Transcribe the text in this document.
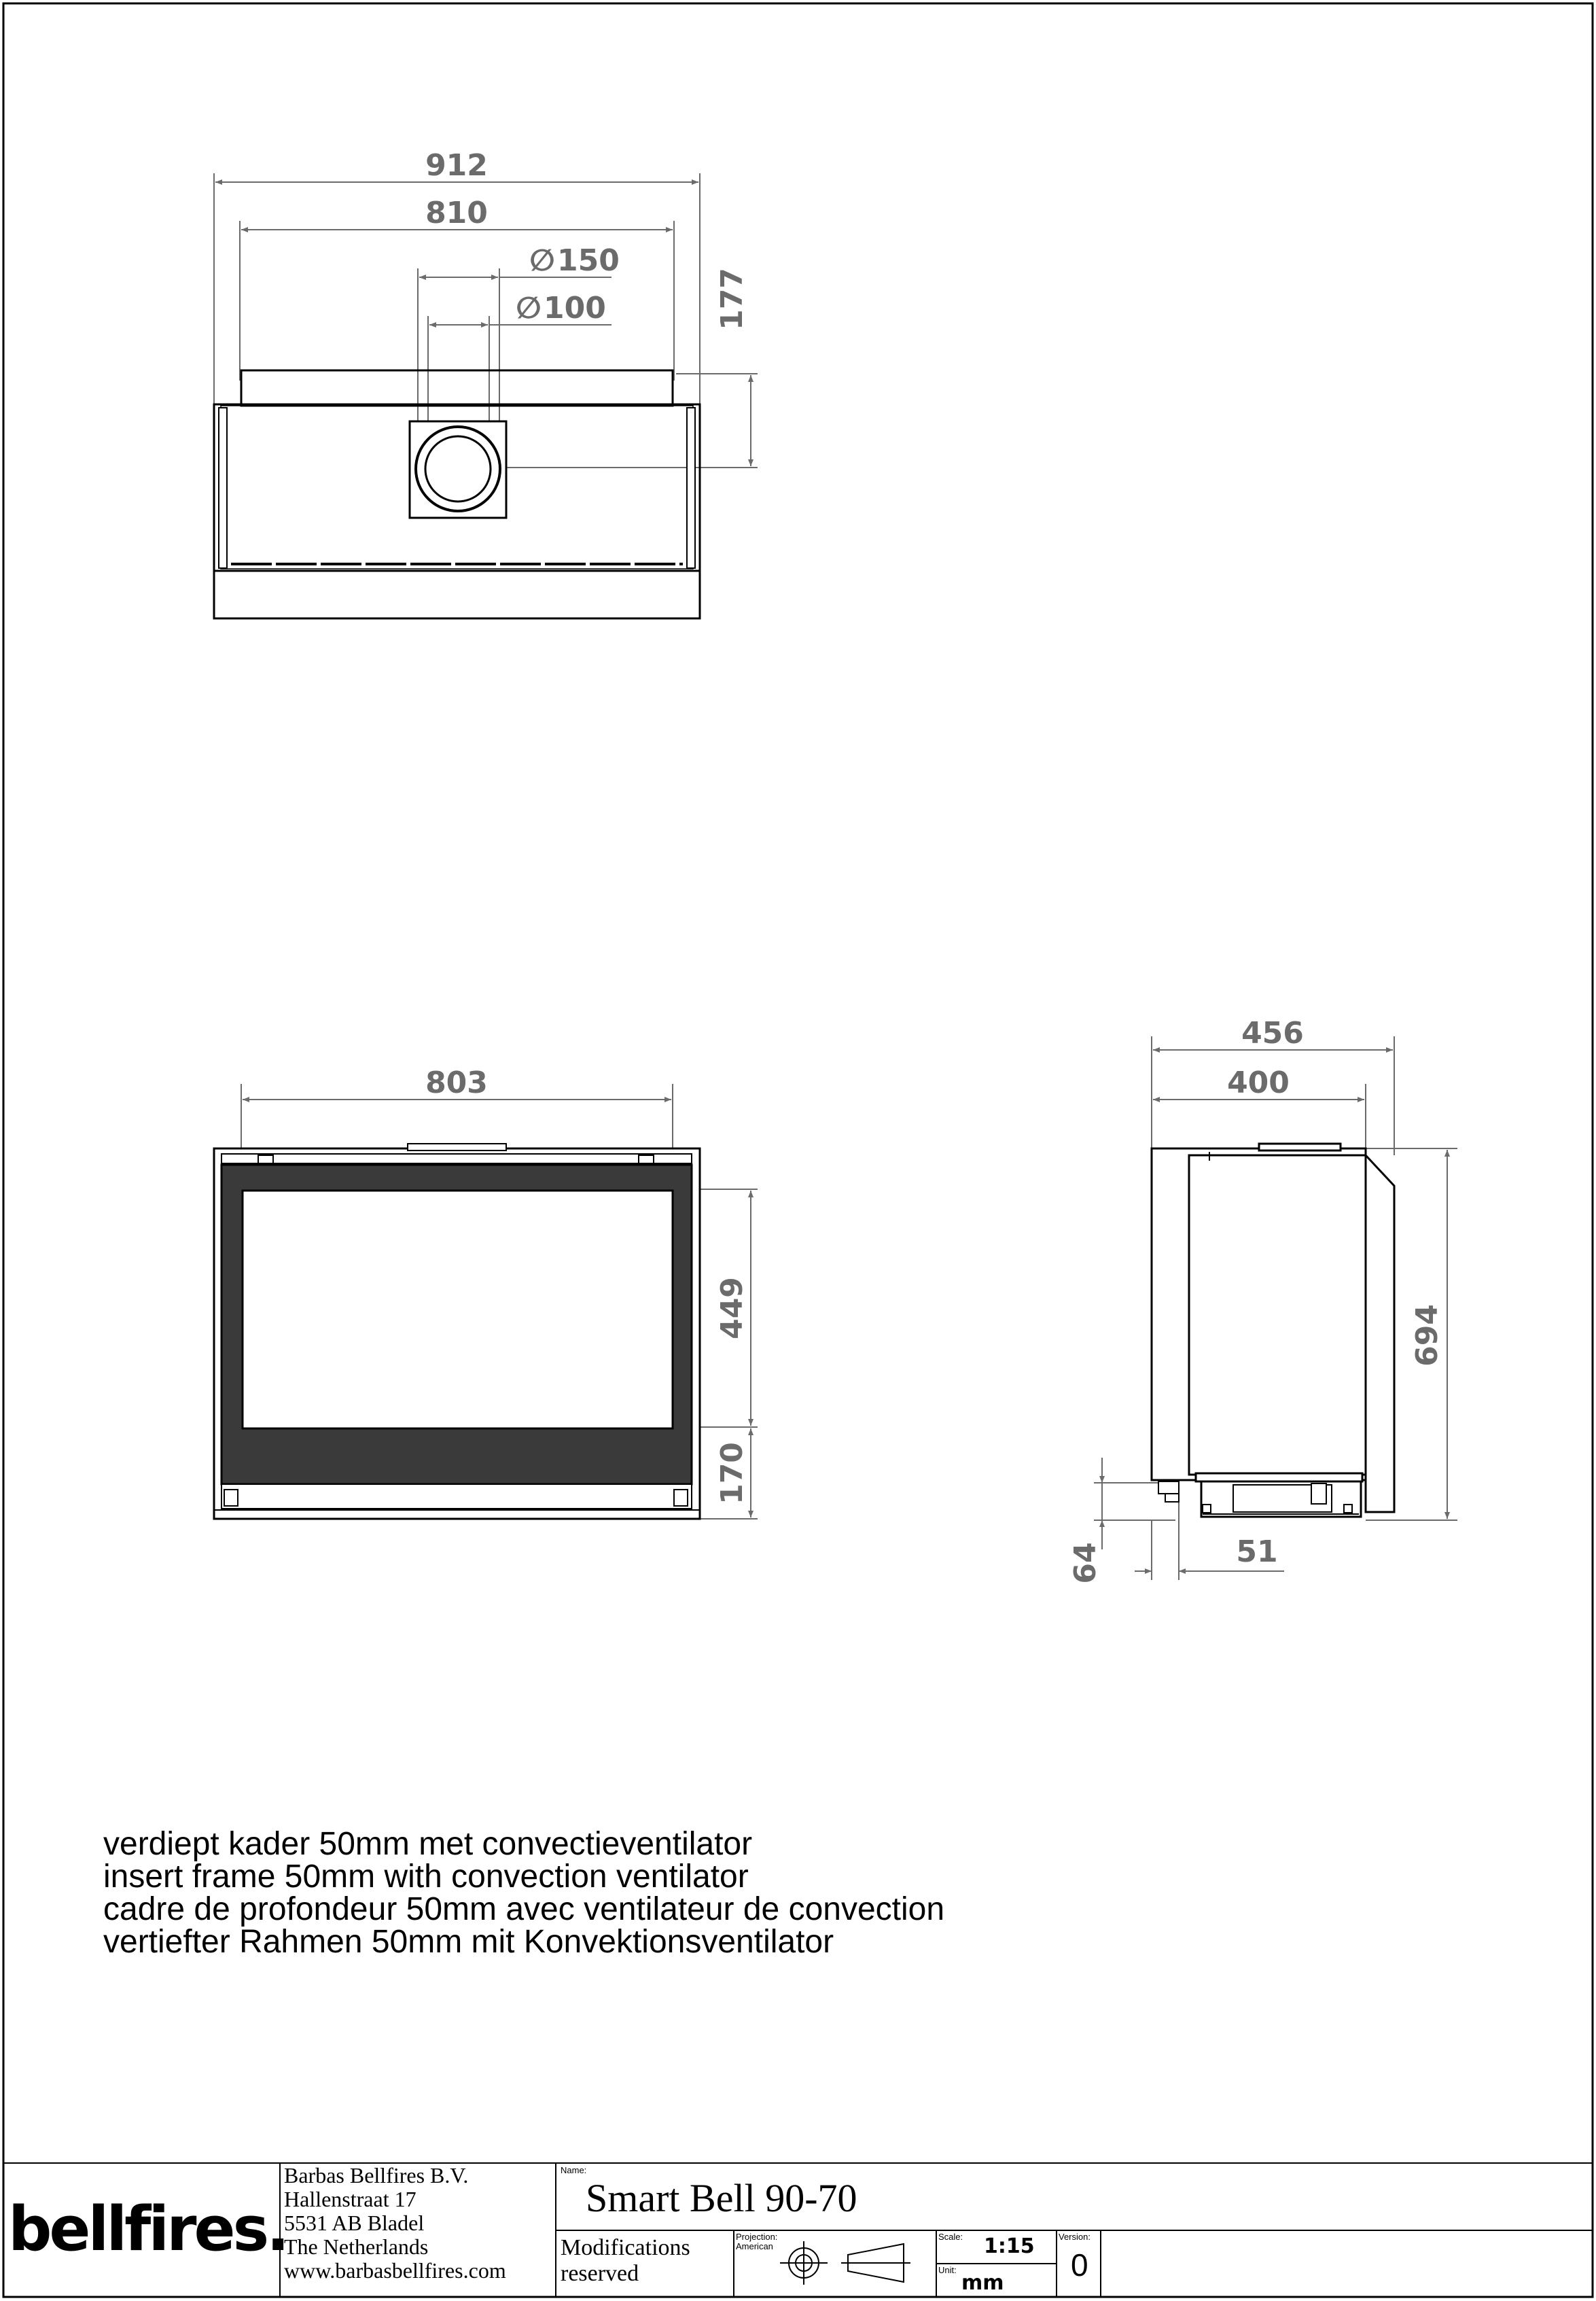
912
810
∅ 150
∅ 100	177
803
449
170
456
400
694
64	51
verdiept kader 50mm met convectieventilator
insert frame 50mm with convection ventilator
cadre de profondeur 50mm avec ventilateur de convection
vertiefter Rahmen 50mm mit Konvektionsventilator
bellfires.
Barbas Bellfires B.V.
Hallenstraat 17
5531 AB Bladel
The Netherlands
www.barbasbellfires.com
Name:
Smart Bell 90-70
Modifications
reserved
Projection:
American
Scale: 1:15
Unit:
mm
Version:
0
